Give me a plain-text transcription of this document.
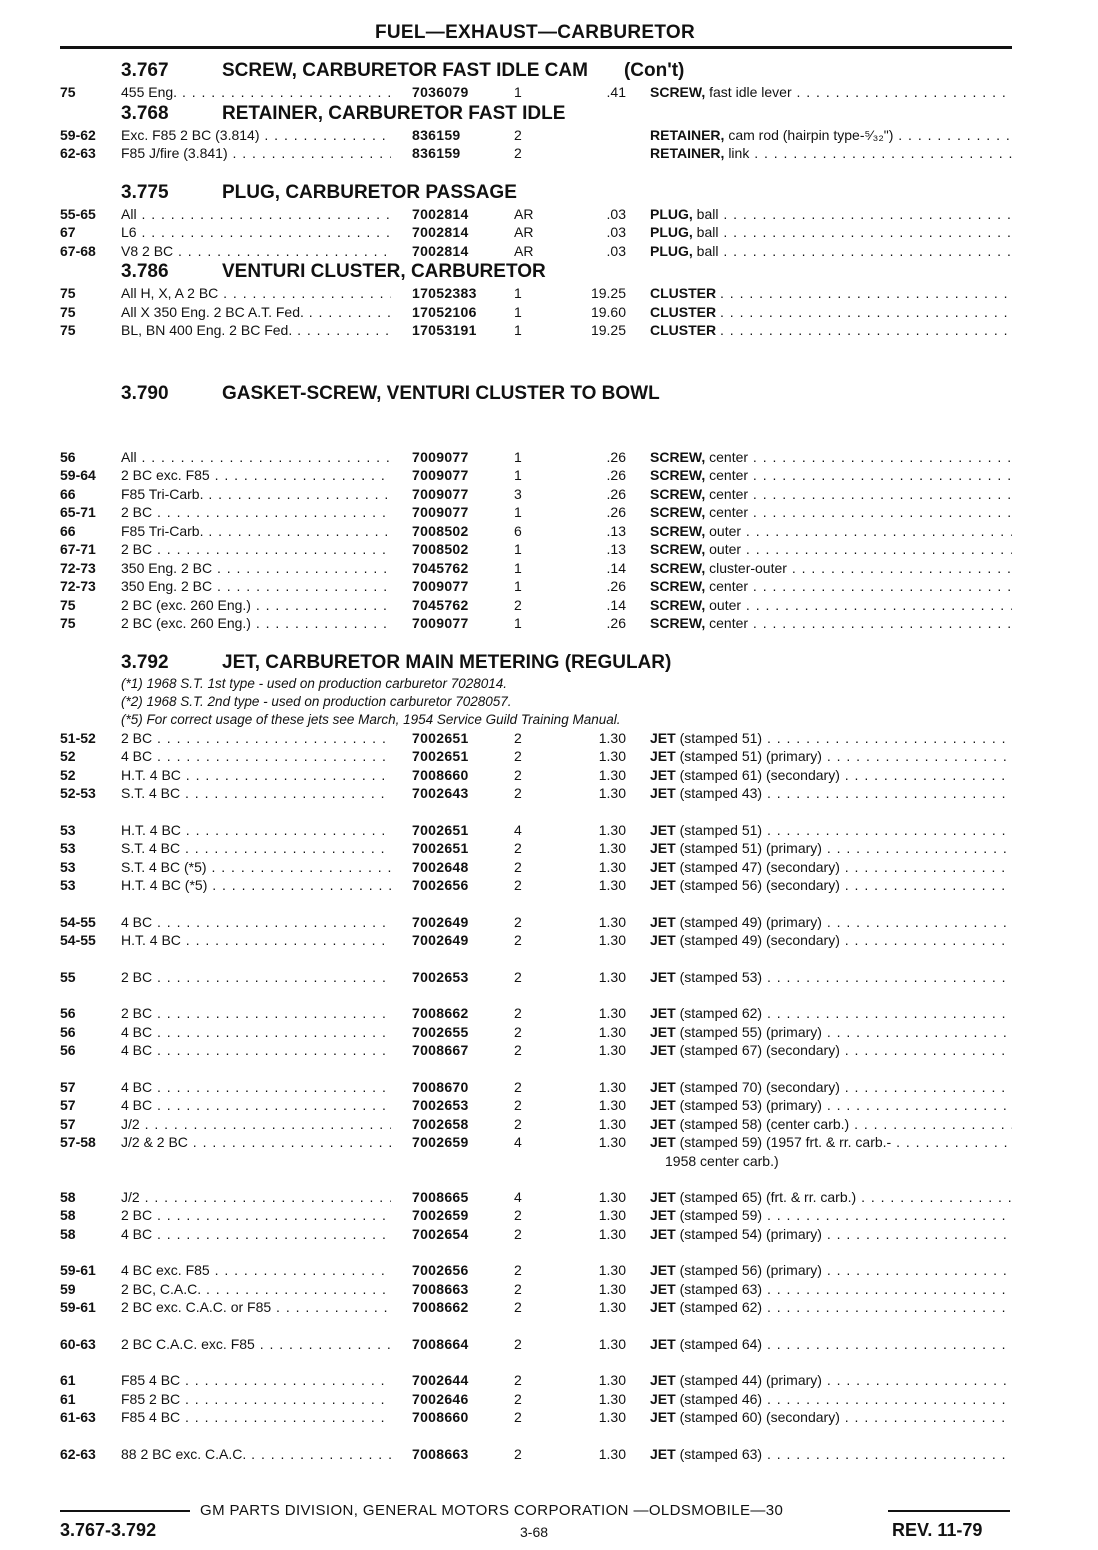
FUEL—EXHAUST—CARBURETOR
3.767	SCREW, CARBURETOR FAST IDLE CAM (Con't)
75	455 Eng. . . .	7036079	1	.41 SCREW, fast idle lever . . .
3.768	RETAINER, CARBURETOR FAST IDLE
59-62	Exc. F85 2 BC (3.814) . . .	836159	2	RETAINER, cam rod (hairpin type-⁵⁄₃₂") . . .
62-63	F85 J/fire (3.841) . . .	836159	2	RETAINER, link . . .
3.775	PLUG, CARBURETOR PASSAGE
55-65	All . . .	7002814	AR	.03 PLUG, ball . . .
67	L6 . . .	7002814	AR	.03 PLUG, ball . . .
67-68	V8 2 BC . . .	7002814	AR	.03 PLUG, ball . . .
3.786	VENTURI CLUSTER, CARBURETOR
75	All H, X, A 2 BC . . .	17052383	1	19.25 CLUSTER . . .
75	All X 350 Eng. 2 BC A.T. Fed. . . .	17052106	1	19.60 CLUSTER . . .
75	BL, BN 400 Eng. 2 BC Fed. . . .	17053191	1	19.25 CLUSTER . . .
3.790	GASKET-SCREW, VENTURI CLUSTER TO BOWL
56	All . . .	7009077	1	.26 SCREW, center . . .
59-64	2 BC exc. F85 . . .	7009077	1	.26 SCREW, center . . .
66	F85 Tri-Carb. . . .	7009077	3	.26 SCREW, center . . .
65-71	2 BC . . .	7009077	1	.26 SCREW, center . . .
66	F85 Tri-Carb. . . .	7008502	6	.13 SCREW, outer . . .
67-71	2 BC . . .	7008502	1	.13 SCREW, outer . . .
72-73	350 Eng. 2 BC . . .	7045762	1	.14 SCREW, cluster-outer . . .
72-73	350 Eng. 2 BC . . .	7009077	1	.26 SCREW, center . . .
75	2 BC (exc. 260 Eng.) . . .	7045762	2	.14 SCREW, outer . . .
75	2 BC (exc. 260 Eng.) . . .	7009077	1	.26 SCREW, center . . .
3.792	JET, CARBURETOR MAIN METERING (REGULAR)
(*1) 1968 S.T. 1st type - used on production carburetor 7028014.
(*2) 1968 S.T. 2nd type - used on production carburetor 7028057.
(*5) For correct usage of these jets see March, 1954 Service Guild Training Manual.
51-52	2 BC . . .	7002651	2	1.30 JET (stamped 51) . . .
52	4 BC . . .	7002651	2	1.30 JET (stamped 51) (primary) . . .
52	H.T. 4 BC . . .	7008660	2	1.30 JET (stamped 61) (secondary) . . .
52-53	S.T. 4 BC . . .	7002643	2	1.30 JET (stamped 43) . . .
53	H.T. 4 BC . . .	7002651	4	1.30 JET (stamped 51) . . .
53	S.T. 4 BC . . .	7002651	2	1.30 JET (stamped 51) (primary) . . .
53	S.T. 4 BC (*5) . . .	7002648	2	1.30 JET (stamped 47) (secondary) . . .
53	H.T. 4 BC (*5) . . .	7002656	2	1.30 JET (stamped 56) (secondary) . . .
54-55	4 BC . . .	7002649	2	1.30 JET (stamped 49) (primary) . . .
54-55	H.T. 4 BC . . .	7002649	2	1.30 JET (stamped 49) (secondary) . . .
55	2 BC . . .	7002653	2	1.30 JET (stamped 53) . . .
56	2 BC . . .	7008662	2	1.30 JET (stamped 62) . . .
56	4 BC . . .	7002655	2	1.30 JET (stamped 55) (primary) . . .
56	4 BC . . .	7008667	2	1.30 JET (stamped 67) (secondary) . . .
57	4 BC . . .	7008670	2	1.30 JET (stamped 70) (secondary) . . .
57	4 BC . . .	7002653	2	1.30 JET (stamped 53) (primary) . . .
57	J/2 . . .	7002658	2	1.30 JET (stamped 58) (center carb.) . . .
57-58	J/2 & 2 BC . . .	7002659	4	1.30 JET (stamped 59) (1957 frt. & rr. carb.- . . .
1958 center carb.)
58	J/2 . . .	7008665	4	1.30 JET (stamped 65) (frt. & rr. carb.) . . .
58	2 BC . . .	7002659	2	1.30 JET (stamped 59) . . .
58	4 BC . . .	7002654	2	1.30 JET (stamped 54) (primary) . . .
59-61	4 BC exc. F85 . . .	7002656	2	1.30 JET (stamped 56) (primary) . . .
59	2 BC, C.A.C. . . .	7008663	2	1.30 JET (stamped 63) . . .
59-61	2 BC exc. C.A.C. or F85 . . .	7008662	2	1.30 JET (stamped 62) . . .
60-63	2 BC C.A.C. exc. F85 . . .	7008664	2	1.30 JET (stamped 64) . . .
61	F85 4 BC . . .	7002644	2	1.30 JET (stamped 44) (primary) . . .
61	F85 2 BC . . .	7002646	2	1.30 JET (stamped 46) . . .
61-63	F85 4 BC . . .	7008660	2	1.30 JET (stamped 60) (secondary) . . .
62-63	88 2 BC exc. C.A.C. . . .	7008663	2	1.30 JET (stamped 63) . . .
GM PARTS DIVISION, GENERAL MOTORS CORPORATION —OLDSMOBILE—30
3.767-3.792	3-68	REV. 11-79
